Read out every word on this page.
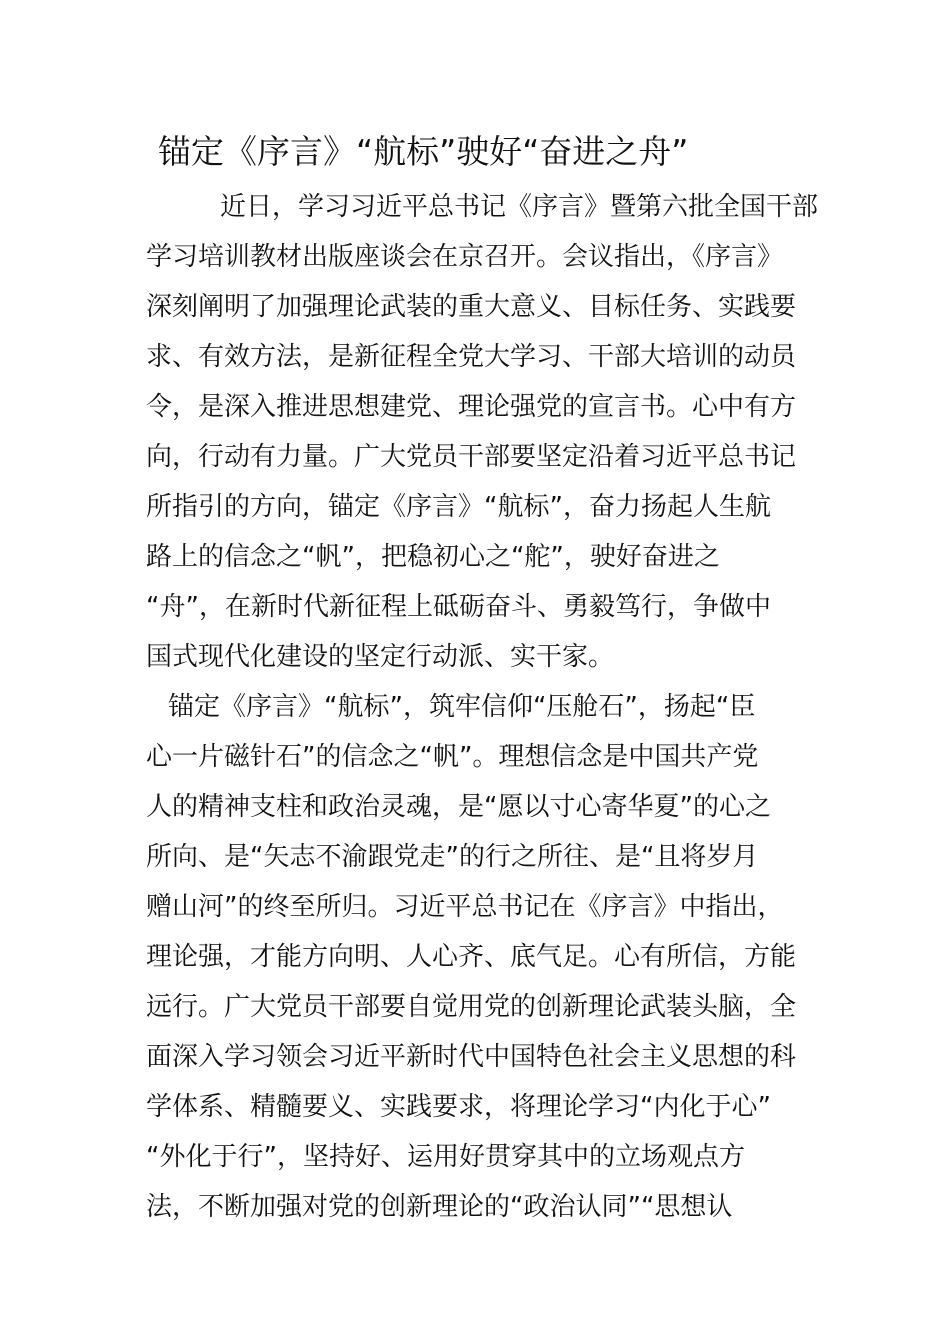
锚定《序言》“航标”驶好“奋进之舟”
近日，学习习近平总书记《序言》暨第六批全国干部
学习培训教材出版座谈会在京召开。会议指出，《序言》
深刻阐明了加强理论武装的重大意义、目标任务、实践要
求、有效方法，是新征程全党大学习、干部大培训的动员
令，是深入推进思想建党、理论强党的宣言书。心中有方
向，行动有力量。广大党员干部要坚定沿着习近平总书记
所指引的方向，锚定《序言》“航标”，奋力扬起人生航
路上的信念之“帆”，把稳初心之“舵”，驶好奋进之
“舟”，在新时代新征程上砥砺奋斗、勇毅笃行，争做中
国式现代化建设的坚定行动派、实干家。
锚定《序言》“航标”，筑牢信仰“压舱石”，扬起“臣
心一片磁针石”的信念之“帆”。理想信念是中国共产党
人的精神支柱和政治灵魂，是“愿以寸心寄华夏”的心之
所向、是“矢志不渝跟党走”的行之所往、是“且将岁月
赠山河”的终至所归。习近平总书记在《序言》中指出，
理论强，才能方向明、人心齐、底气足。心有所信，方能
远行。广大党员干部要自觉用党的创新理论武装头脑，全
面深入学习领会习近平新时代中国特色社会主义思想的科
学体系、精髓要义、实践要求，将理论学习“内化于心”
“外化于行”，坚持好、运用好贯穿其中的立场观点方
法，不断加强对党的创新理论的“政治认同”“思想认
